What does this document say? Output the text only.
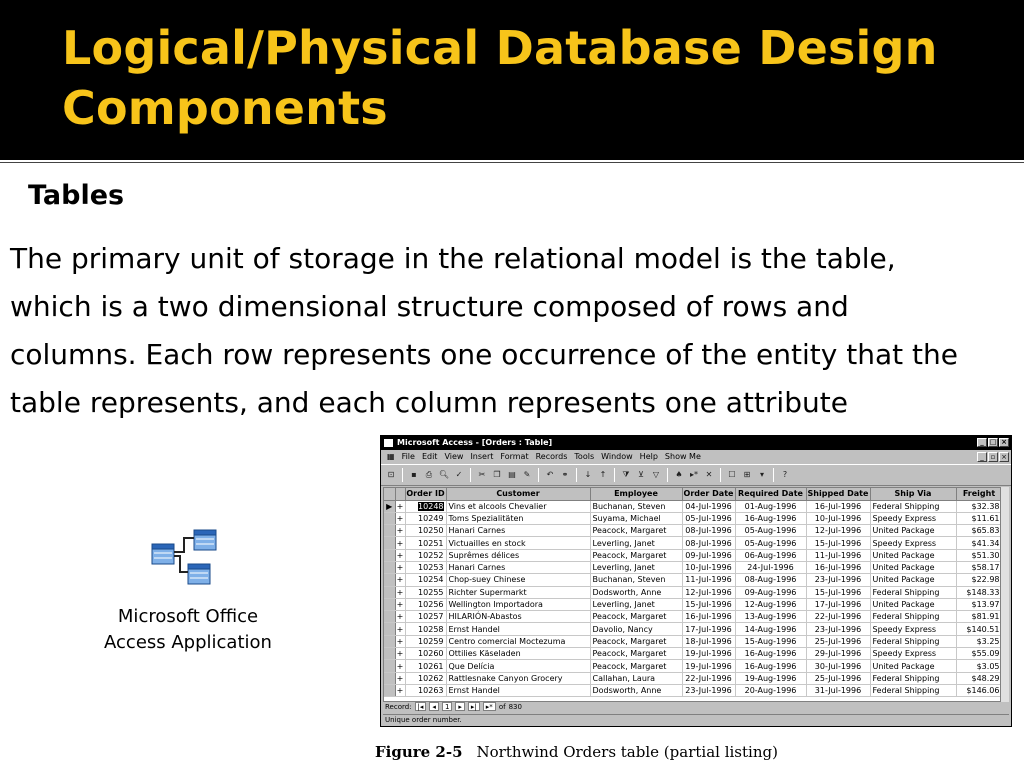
Logical/Physical Database Design Components
Tables
The primary unit of storage in the relational model is the table, which is a two dimensional structure composed of rows and columns. Each row represents one occurrence of the entity that the table represents, and each column represents one attribute
Microsoft Office
Access Application
Microsoft Access - [Orders : Table]	_ □ ×
▦ File Edit View Insert Format Records Tools Window Help Show Me	_ ▫ ×
⊡	▪	⎙ 🔍︎ ✓	✂	❐ ▤ ✎	↶	⚭	↓	↑	⧩	⊻	▽	♠ ▸* ✕	☐	⊞	▾	?
		Order ID	Customer	Employee	Order Date	Required Date	Shipped Date	Ship Via	Freight
▶	+	10248	Vins et alcools Chevalier	Buchanan, Steven	04-Jul-1996	01-Aug-1996	16-Jul-1996	Federal Shipping	$32.38
	+	10249	Toms Spezialitäten	Suyama, Michael	05-Jul-1996	16-Aug-1996	10-Jul-1996	Speedy Express	$11.61
	+	10250	Hanari Carnes	Peacock, Margaret	08-Jul-1996	05-Aug-1996	12-Jul-1996	United Package	$65.83
	+	10251	Victuailles en stock	Leverling, Janet	08-Jul-1996	05-Aug-1996	15-Jul-1996	Speedy Express	$41.34
	+	10252	Suprêmes délices	Peacock, Margaret	09-Jul-1996	06-Aug-1996	11-Jul-1996	United Package	$51.30
	+	10253	Hanari Carnes	Leverling, Janet	10-Jul-1996	24-Jul-1996	16-Jul-1996	United Package	$58.17
	+	10254	Chop-suey Chinese	Buchanan, Steven	11-Jul-1996	08-Aug-1996	23-Jul-1996	United Package	$22.98
	+	10255	Richter Supermarkt	Dodsworth, Anne	12-Jul-1996	09-Aug-1996	15-Jul-1996	Federal Shipping	$148.33
	+	10256	Wellington Importadora	Leverling, Janet	15-Jul-1996	12-Aug-1996	17-Jul-1996	United Package	$13.97
	+	10257	HILARIÓN-Abastos	Peacock, Margaret	16-Jul-1996	13-Aug-1996	22-Jul-1996	Federal Shipping	$81.91
	+	10258	Ernst Handel	Davolio, Nancy	17-Jul-1996	14-Aug-1996	23-Jul-1996	Speedy Express	$140.51
	+	10259	Centro comercial Moctezuma	Peacock, Margaret	18-Jul-1996	15-Aug-1996	25-Jul-1996	Federal Shipping	$3.25
	+	10260	Ottilies Käseladen	Peacock, Margaret	19-Jul-1996	16-Aug-1996	29-Jul-1996	Speedy Express	$55.09
	+	10261	Que Delícia	Peacock, Margaret	19-Jul-1996	16-Aug-1996	30-Jul-1996	United Package	$3.05
	+	10262	Rattlesnake Canyon Grocery	Callahan, Laura	22-Jul-1996	19-Aug-1996	25-Jul-1996	Federal Shipping	$48.29
	+	10263	Ernst Handel	Dodsworth, Anne	23-Jul-1996	20-Aug-1996	31-Jul-1996	Federal Shipping	$146.06
Record: |◂	◂	1	▸	▸|	▸* of 830
Unique order number.
Figure 2-5 Northwind Orders table (partial listing)
